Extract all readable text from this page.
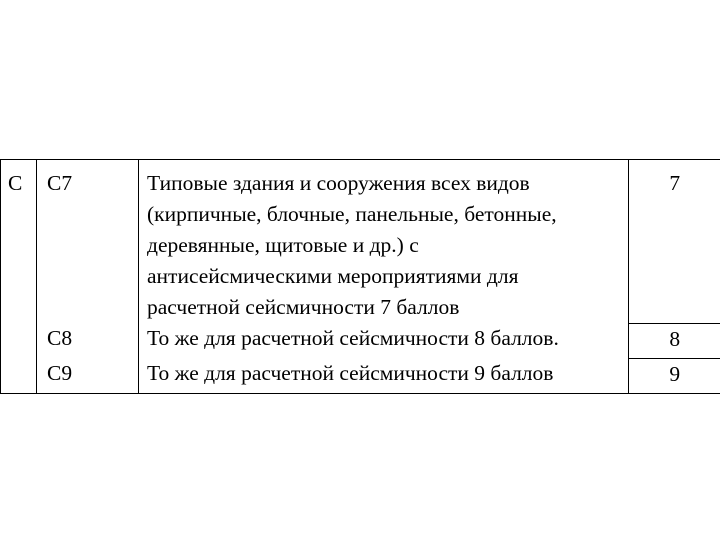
C	C7	Типовые здания и сооружения всех видов
(кирпичные, блочные, панельные, бетонные,
деревянные, щитовые и др.) с
антисейсмическими мероприятиями для
расчетной сейсмичности 7 баллов	7
	C8	То же для расчетной сейсмичности 8 баллов.	8
	C9	То же для расчетной сейсмичности 9 баллов	9
